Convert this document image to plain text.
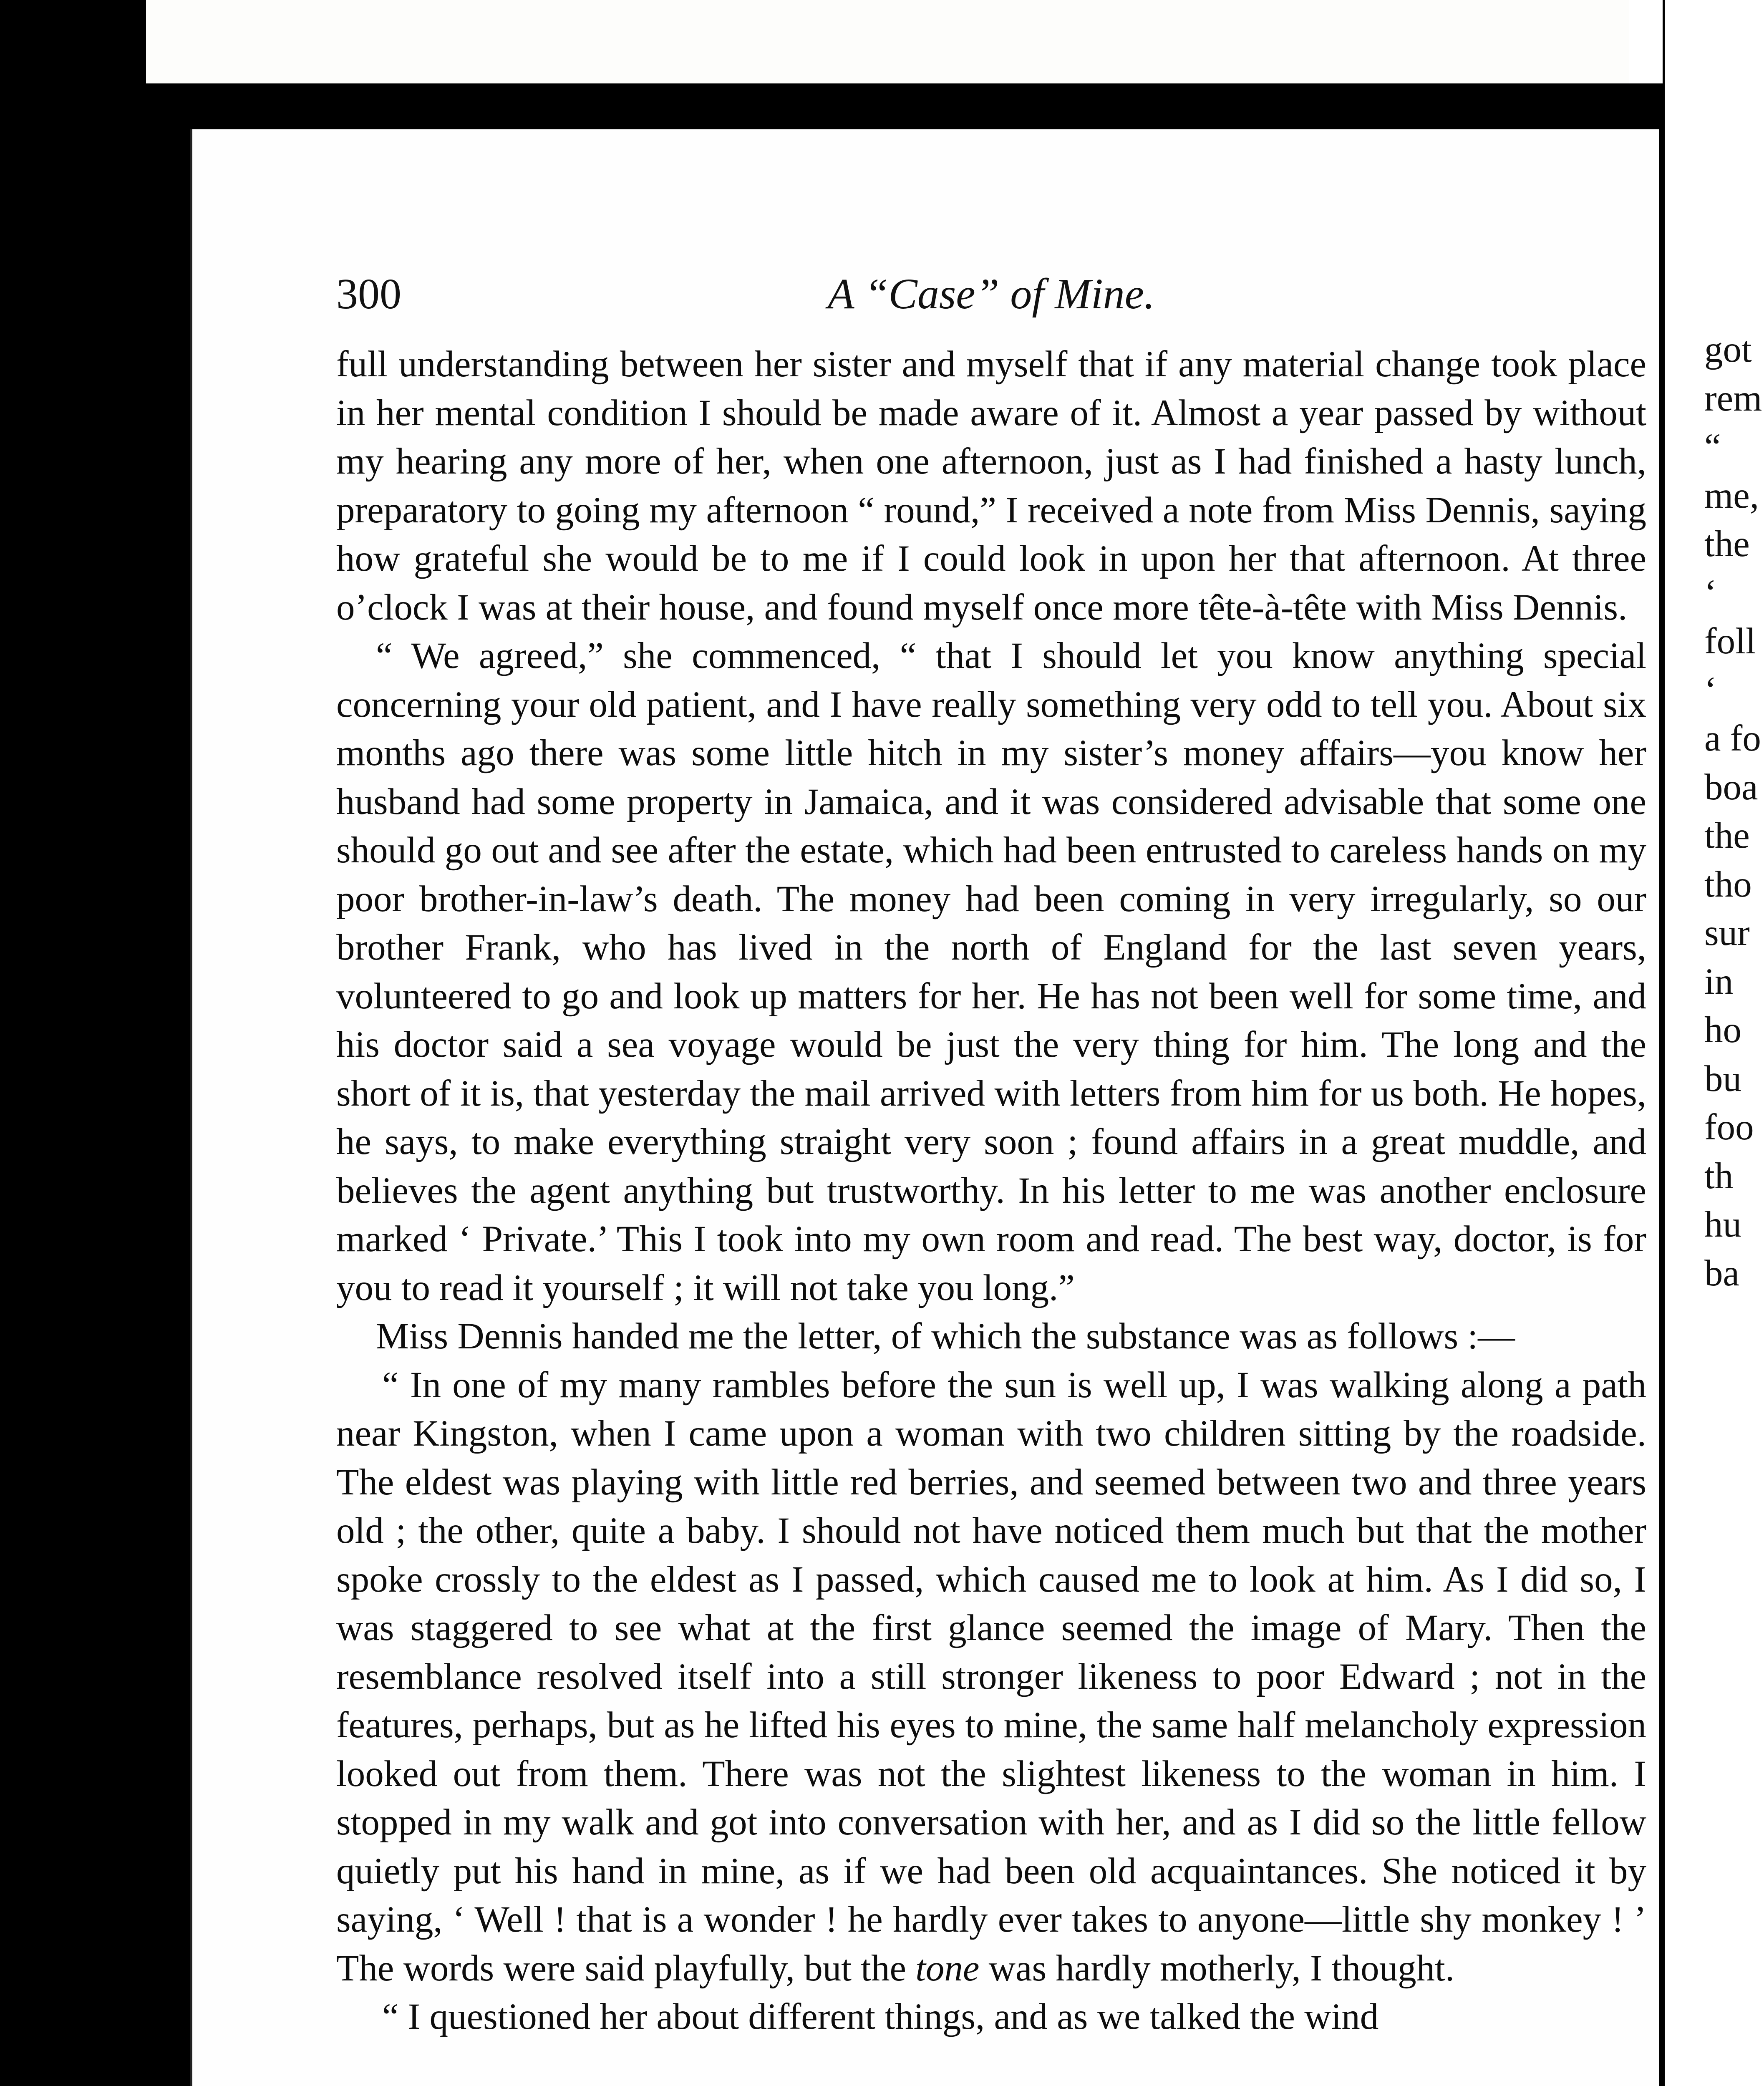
300	A “Case” of Mine.

full understanding between her sister and myself that if any material change took place in her mental condition I should be made aware of it. Almost a year passed by without my hearing any more of her, when one afternoon, just as I had finished a hasty lunch, preparatory to going my afternoon “ round,” I received a note from Miss Dennis, saying how grateful she would be to me if I could look in upon her that afternoon. At three o’clock I was at their house, and found myself once more tête-à-tête with Miss Dennis.

“ We agreed,” she commenced, “ that I should let you know anything special concerning your old patient, and I have really something very odd to tell you. About six months ago there was some little hitch in my sister’s money affairs—you know her husband had some property in Jamaica, and it was considered advisable that some one should go out and see after the estate, which had been entrusted to careless hands on my poor brother-in-law’s death. The money had been coming in very irregularly, so our brother Frank, who has lived in the north of England for the last seven years, volunteered to go and look up matters for her. He has not been well for some time, and his doctor said a sea voyage would be just the very thing for him. The long and the short of it is, that yesterday the mail arrived with letters from him for us both. He hopes, he says, to make everything straight very soon ; found affairs in a great muddle, and believes the agent anything but trustworthy. In his letter to me was another enclosure marked ‘ Private.’ This I took into my own room and read. The best way, doctor, is for you to read it yourself ; it will not take you long.”

Miss Dennis handed me the letter, of which the substance was as follows :—

“ In one of my many rambles before the sun is well up, I was walking along a path near Kingston, when I came upon a woman with two children sitting by the roadside. The eldest was playing with little red berries, and seemed between two and three years old ; the other, quite a baby. I should not have noticed them much but that the mother spoke crossly to the eldest as I passed, which caused me to look at him. As I did so, I was staggered to see what at the first glance seemed the image of Mary. Then the resemblance resolved itself into a still stronger likeness to poor Edward ; not in the features, perhaps, but as he lifted his eyes to mine, the same half melancholy expression looked out from them. There was not the slightest likeness to the woman in him. I stopped in my walk and got into conversation with her, and as I did so the little fellow quietly put his hand in mine, as if we had been old acquaintances. She noticed it by saying, ‘ Well ! that is a wonder ! he hardly ever takes to anyone—little shy monkey ! ’ The words were said playfully, but the tone was hardly motherly, I thought.

“ I questioned her about different things, and as we talked the wind

got
rem
“
me,
the
‘
foll
‘
a fo
boa
the
tho
sur
in
ho
bu
foo
th
hu
ba
